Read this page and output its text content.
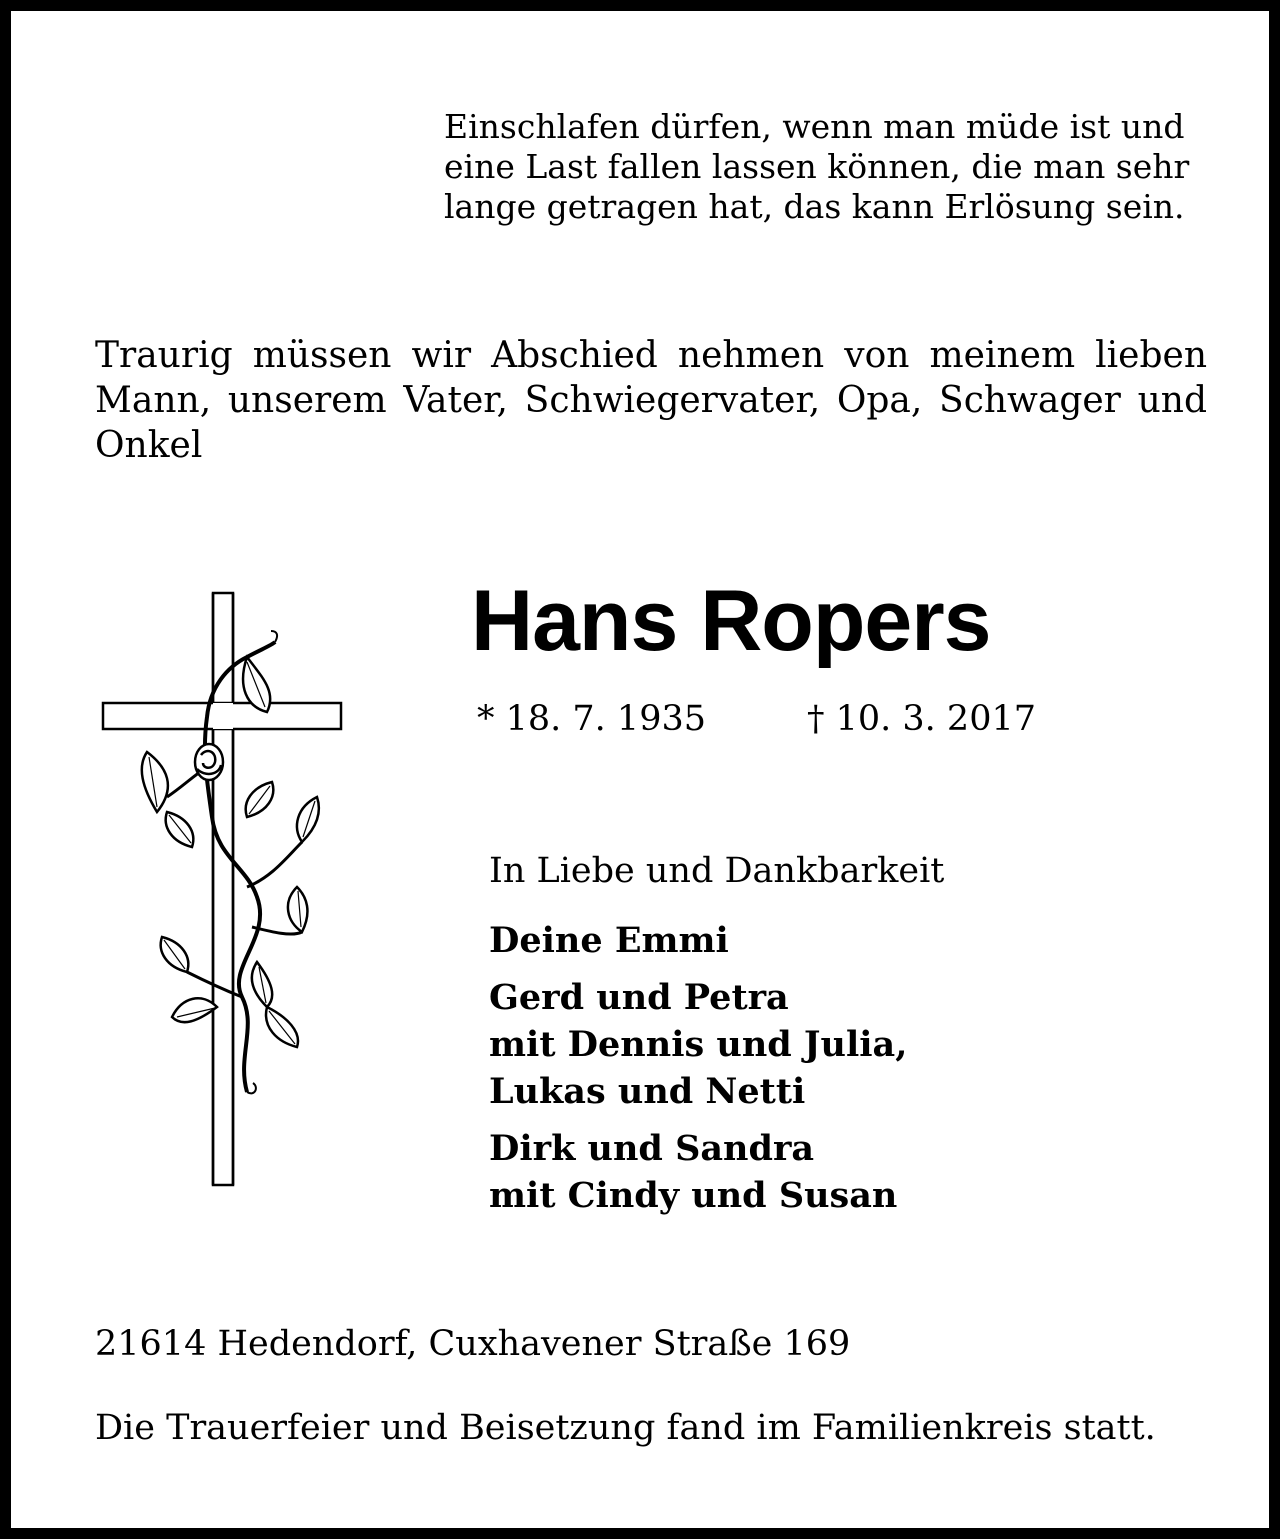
Einschlafen dürfen, wenn man müde ist und
eine Last fallen lassen können, die man sehr
lange getragen hat, das kann Erlösung sein.
Traurig müssen wir Abschied nehmen von meinem lieben Mann, unserem Vater, Schwiegervater, Opa, Schwager und Onkel
Hans Ropers
* 18. 7. 1935	† 10. 3. 2017
In Liebe und Dankbarkeit
Deine Emmi
Gerd und Petra
mit Dennis und Julia,
Lukas und Netti
Dirk und Sandra
mit Cindy und Susan
21614 Hedendorf, Cuxhavener Straße 169
Die Trauerfeier und Beisetzung fand im Familienkreis statt.
